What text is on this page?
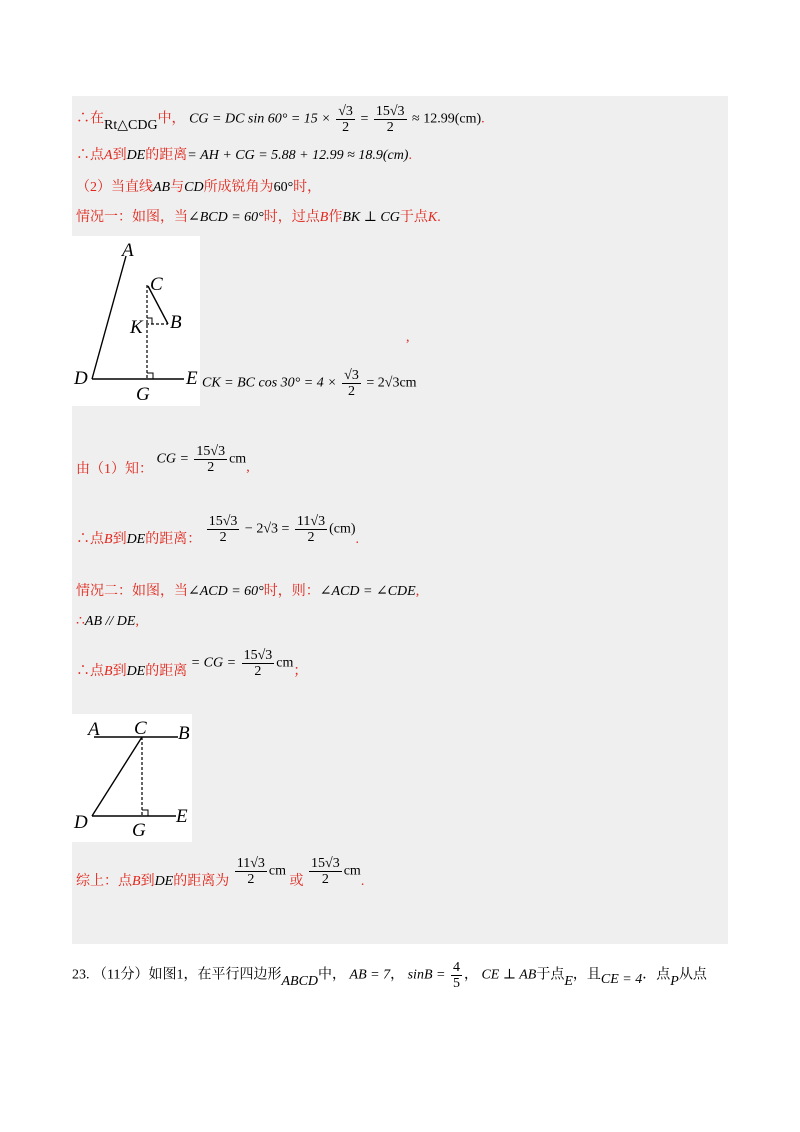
∴在Rt△CDG中， CG = DC $\sin 60^\circ = 15 \times \frac{√3}{2} = \frac{15√3}{2} \approx 12.99(cm)$.
∴点A到DE的距离= AH + CG = 5.88 + 12.99 ≈ 18.9(cm).
（2）当直线AB与CD所成锐角为60°时，
情况一：如图，当∠BCD = 60°时，过点B作BK ⊥ CG于点K.
A
C
B
K
D	E
G
,
CK = BC $\cos 30^\circ = 4 \times \frac{√3}{2} = 2√3cm$
由（1）知： CG = $\frac{15√3}{2}$ cm,
∴点B到DE的距离： $\frac{15√3}{2} - 2√3 = \frac{11√3}{2} (cm)$.
情况二：如图，当∠ACD = 60°时，则：∠ACD = ∠CDE,
∴AB // DE,
∴点B到DE的距离 = CG = $\frac{15√3}{2}$ cm；
A C B
D	E
G
综上：点B到DE的距离为 $\frac{11√3}{2}$ cm 或 $\frac{15√3}{2}$ cm.
23. （11分）如图1，在平行四边形ABCD中， AB = 7， $\sin B = \frac{4}{5}$ ， CE ⊥ AB于点E，且CE = 4．点P从点
